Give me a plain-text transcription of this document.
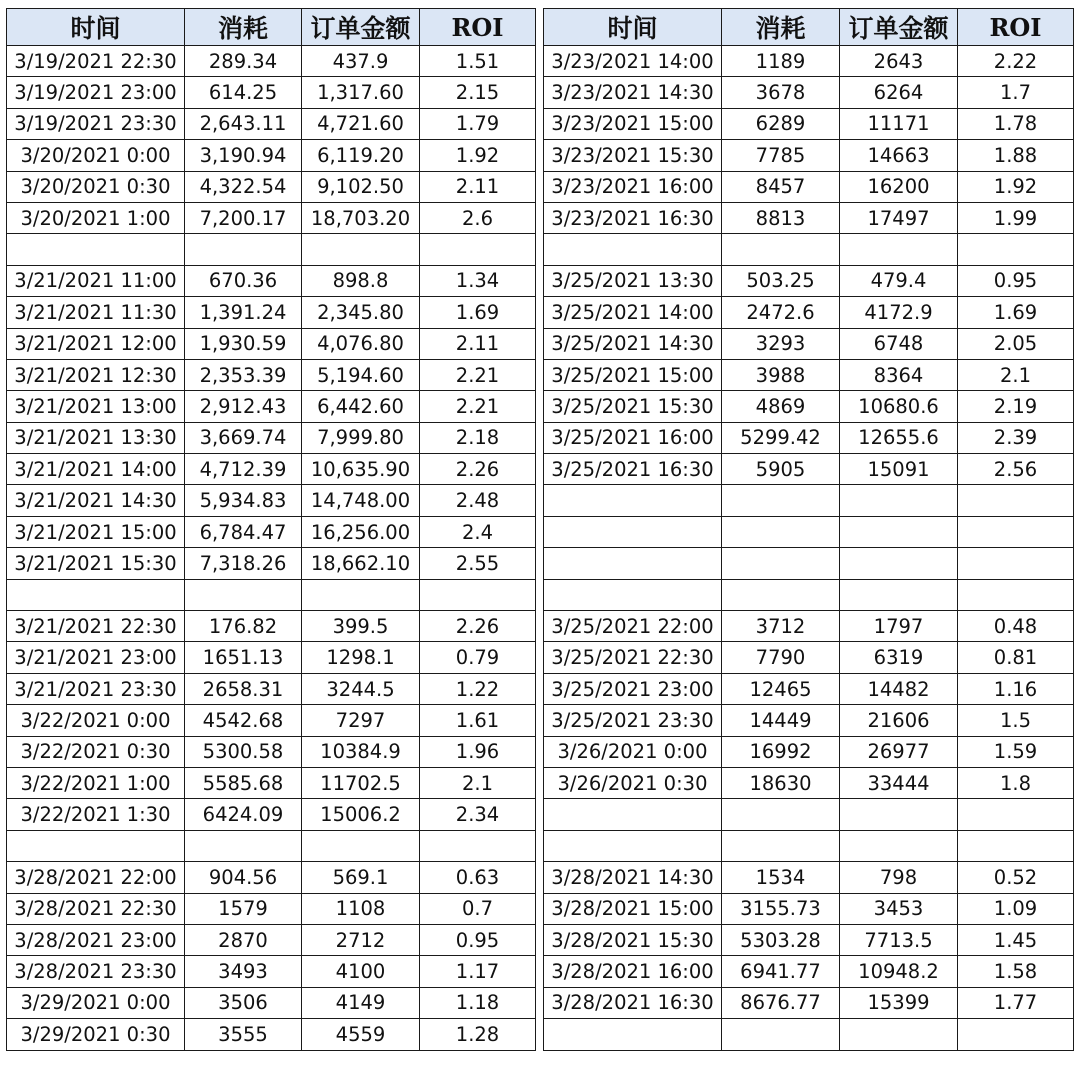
时间	消耗	订单金额	ROI
3/19/2021 22:30	289.34	437.9	1.51
3/19/2021 23:00	614.25	1,317.60	2.15
3/19/2021 23:30	2,643.11	4,721.60	1.79
3/20/2021 0:00	3,190.94	6,119.20	1.92
3/20/2021 0:30	4,322.54	9,102.50	2.11
3/20/2021 1:00	7,200.17	18,703.20	2.6

3/21/2021 11:00	670.36	898.8	1.34
3/21/2021 11:30	1,391.24	2,345.80	1.69
3/21/2021 12:00	1,930.59	4,076.80	2.11
3/21/2021 12:30	2,353.39	5,194.60	2.21
3/21/2021 13:00	2,912.43	6,442.60	2.21
3/21/2021 13:30	3,669.74	7,999.80	2.18
3/21/2021 14:00	4,712.39	10,635.90	2.26
3/21/2021 14:30	5,934.83	14,748.00	2.48
3/21/2021 15:00	6,784.47	16,256.00	2.4
3/21/2021 15:30	7,318.26	18,662.10	2.55

3/21/2021 22:30	176.82	399.5	2.26
3/21/2021 23:00	1651.13	1298.1	0.79
3/21/2021 23:30	2658.31	3244.5	1.22
3/22/2021 0:00	4542.68	7297	1.61
3/22/2021 0:30	5300.58	10384.9	1.96
3/22/2021 1:00	5585.68	11702.5	2.1
3/22/2021 1:30	6424.09	15006.2	2.34

3/28/2021 22:00	904.56	569.1	0.63
3/28/2021 22:30	1579	1108	0.7
3/28/2021 23:00	2870	2712	0.95
3/28/2021 23:30	3493	4100	1.17
3/29/2021 0:00	3506	4149	1.18
3/29/2021 0:30	3555	4559	1.28
时间	消耗	订单金额	ROI
3/23/2021 14:00	1189	2643	2.22
3/23/2021 14:30	3678	6264	1.7
3/23/2021 15:00	6289	11171	1.78
3/23/2021 15:30	7785	14663	1.88
3/23/2021 16:00	8457	16200	1.92
3/23/2021 16:30	8813	17497	1.99

3/25/2021 13:30	503.25	479.4	0.95
3/25/2021 14:00	2472.6	4172.9	1.69
3/25/2021 14:30	3293	6748	2.05
3/25/2021 15:00	3988	8364	2.1
3/25/2021 15:30	4869	10680.6	2.19
3/25/2021 16:00	5299.42	12655.6	2.39
3/25/2021 16:30	5905	15091	2.56

3/25/2021 22:00	3712	1797	0.48
3/25/2021 22:30	7790	6319	0.81
3/25/2021 23:00	12465	14482	1.16
3/25/2021 23:30	14449	21606	1.5
3/26/2021 0:00	16992	26977	1.59
3/26/2021 0:30	18630	33444	1.8

3/28/2021 14:30	1534	798	0.52
3/28/2021 15:00	3155.73	3453	1.09
3/28/2021 15:30	5303.28	7713.5	1.45
3/28/2021 16:00	6941.77	10948.2	1.58
3/28/2021 16:30	8676.77	15399	1.77
